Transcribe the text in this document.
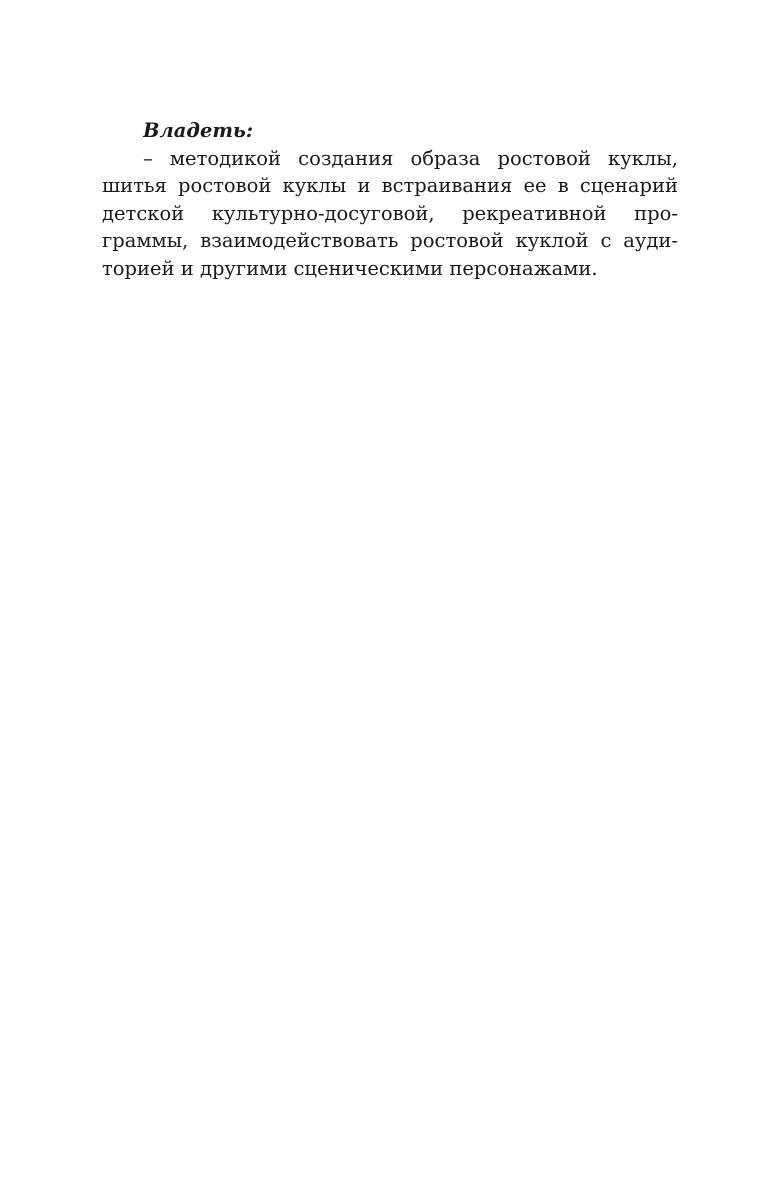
Владеть:
– методикой создания образа ростовой куклы,
шитья ростовой куклы и встраивания ее в сценарий
детской культурно-досуговой, рекреативной про-
граммы, взаимодействовать ростовой куклой с ауди-
торией и другими сценическими персонажами.
